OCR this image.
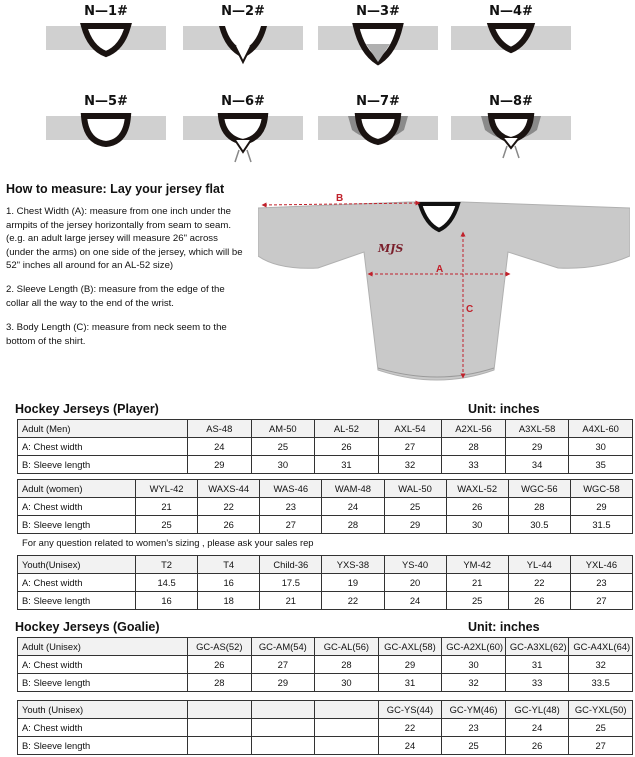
N—1#	N—2#	N—3#	N—4#
N—5#	N—6#	N—7#	N—8#
How to measure: Lay your jersey flat

1. Chest Width (A): measure from one inch under the armpits of the jersey horizontally from seam to seam. (e.g. an adult large jersey will measure 26" across (under the arms) on one side of the jersey, which will be 52" inches all around for an AL-52 size)

2. Sleeve Length (B): measure from the edge of the collar all the way to the end of the wrist.

3. Body Length (C): measure from neck seem to the bottom of the shirt.

MJS
B
A
C
Hockey Jerseys (Player)	Unit: inches
Adult (Men)	AS-48	AM-50	AL-52	AXL-54	A2XL-56	A3XL-58	A4XL-60
A: Chest width	24	25	26	27	28	29	30
B: Sleeve length	29	30	31	32	33	34	35
Adult (women)	WYL-42	WAXS-44	WAS-46	WAM-48	WAL-50	WAXL-52	WGC-56	WGC-58
A: Chest width	21	22	23	24	25	26	28	29
B: Sleeve length	25	26	27	28	29	30	30.5	31.5
For any question related to women's sizing , please ask your sales rep
Youth(Unisex)	T2	T4	Child-36	YXS-38	YS-40	YM-42	YL-44	YXL-46
A: Chest width	14.5	16	17.5	19	20	21	22	23
B: Sleeve length	16	18	21	22	24	25	26	27
Hockey Jerseys (Goalie)	Unit: inches
Adult (Unisex)	GC-AS(52)	GC-AM(54)	GC-AL(56)	GC-AXL(58)	GC-A2XL(60)	GC-A3XL(62)	GC-A4XL(64)
A: Chest width	26	27	28	29	30	31	32
B: Sleeve length	28	29	30	31	32	33	33.5
Youth (Unisex)				GC-YS(44)	GC-YM(46)	GC-YL(48)	GC-YXL(50)
A: Chest width				22	23	24	25
B: Sleeve length				24	25	26	27
